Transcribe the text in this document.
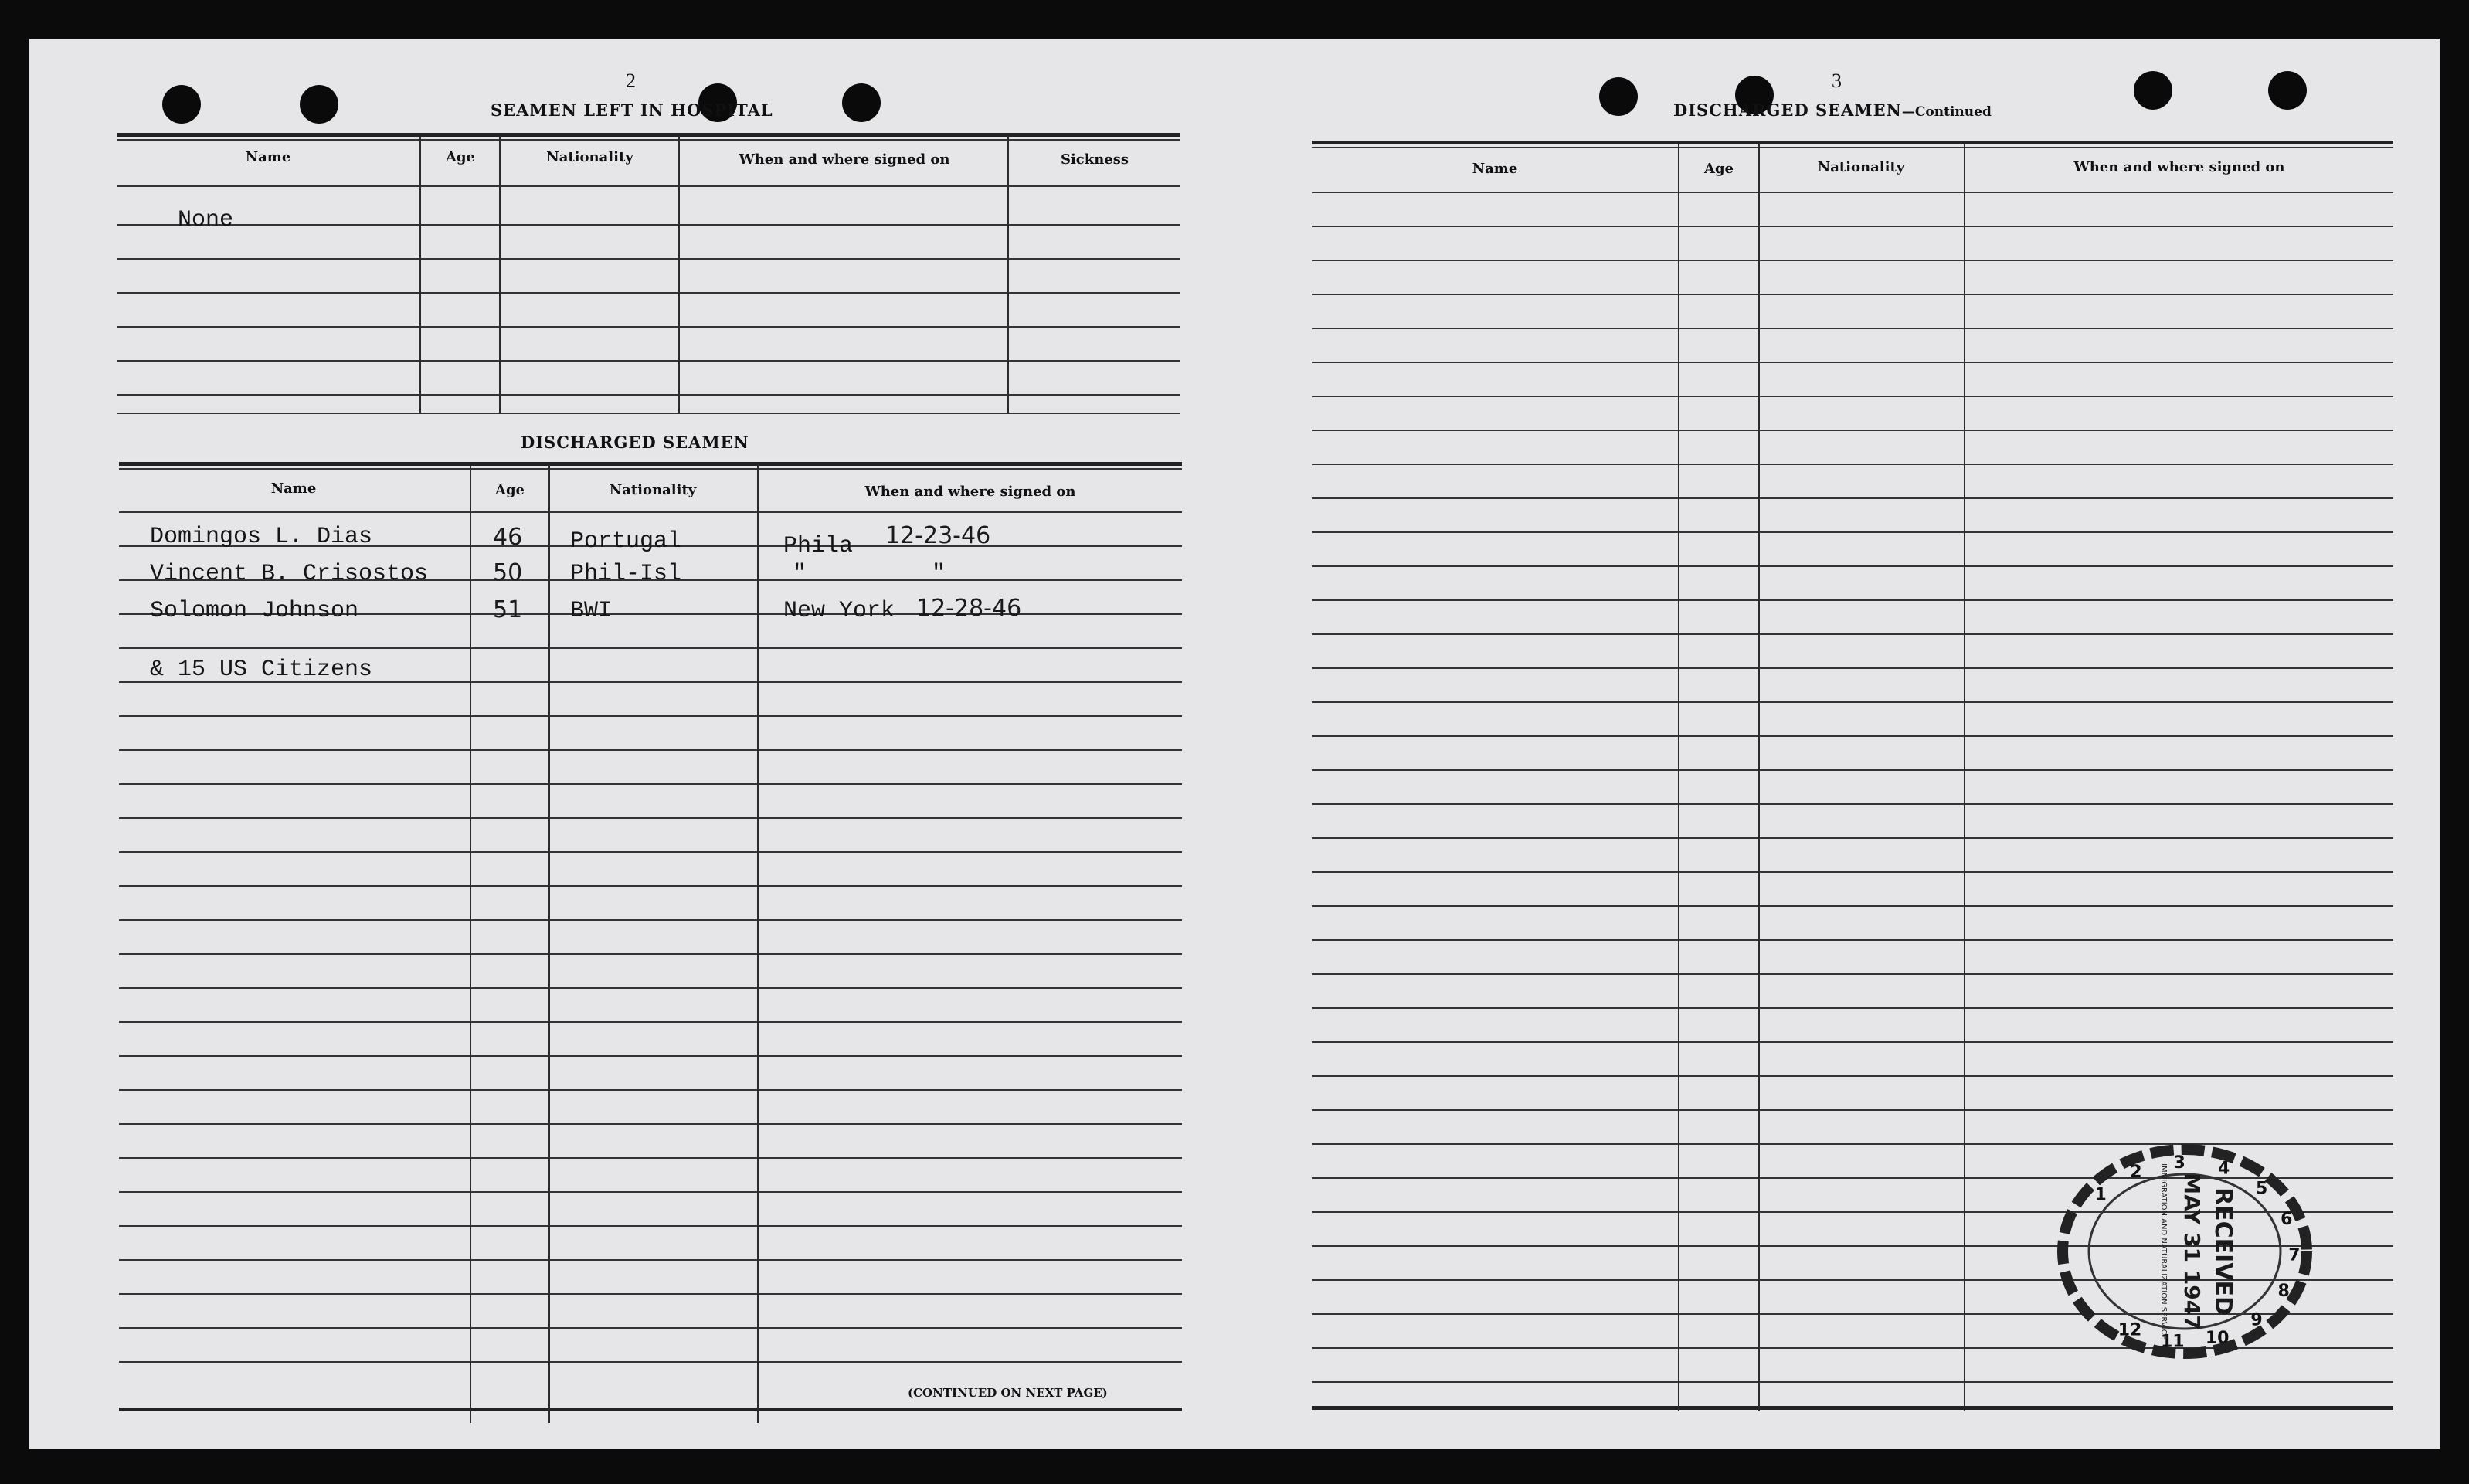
2
SEAMEN LEFT IN HOSPITAL
Name	Age	Nationality	When and where signed on	Sickness
None
DISCHARGED SEAMEN
Name	Age	Nationality	When and where signed on
Domingos L. Dias	46 Portugal	Phila 12-23-46
Vincent B. Crisostos	50 Phil-Isl	"	"
Solomon Johnson	51 BWI	New York 12-28-46
& 15 US Citizens
(CONTINUED ON NEXT PAGE)
3
DISCHARGED SEAMEN—Continued
Name	Age	Nationality	When and where signed on
1
2 3 4
5
6
7
8
9
10
11
12
RECEIVED
MAY 31 1947
IMMIGRATION AND NATURALIZATION SERVICE
